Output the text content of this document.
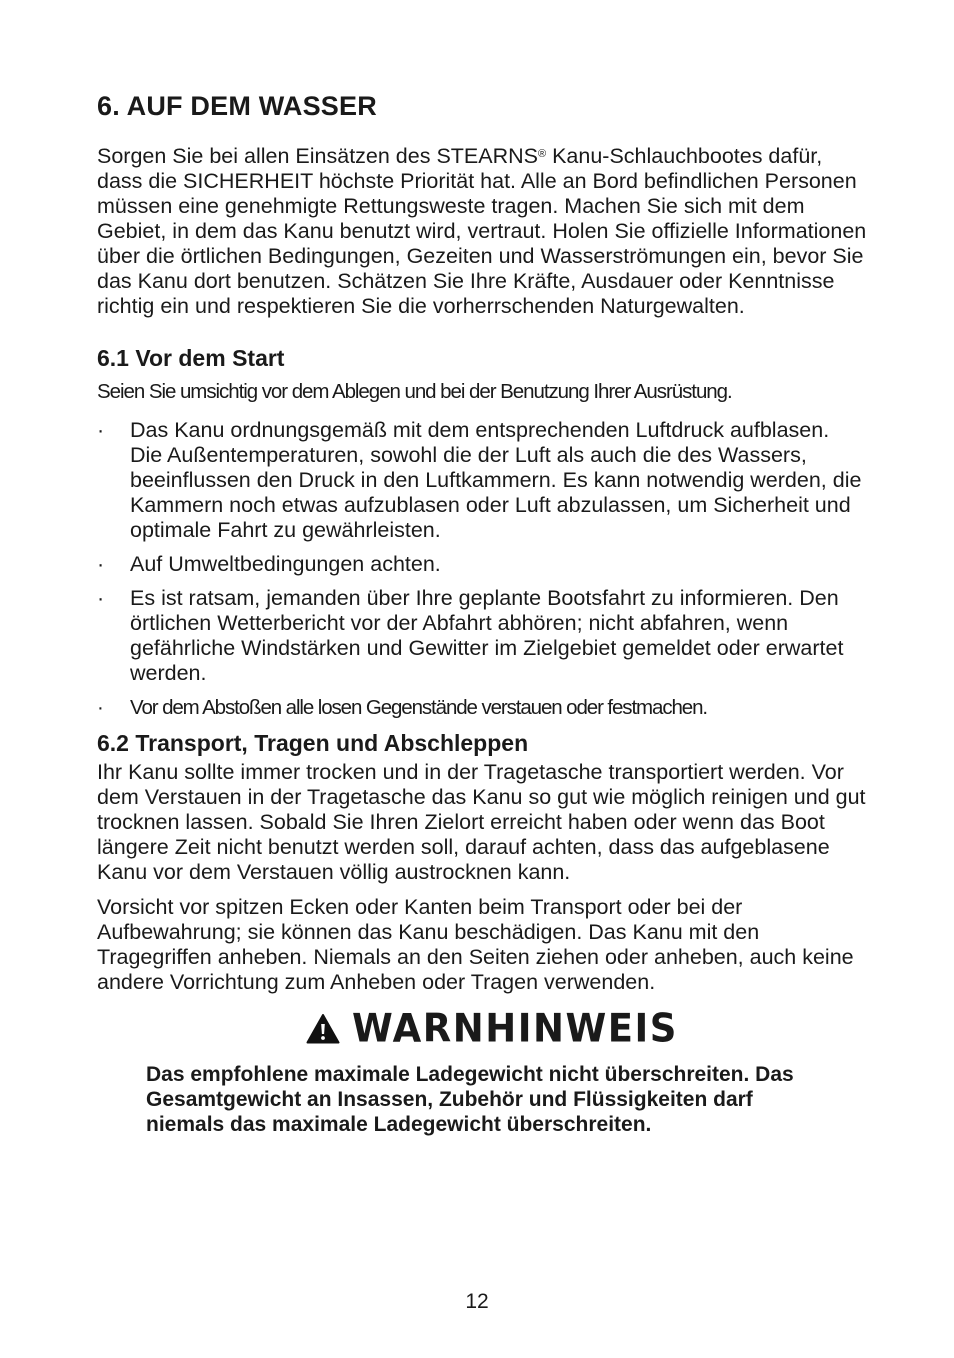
6. AUF DEM WASSER

Sorgen Sie bei allen Einsätzen des STEARNS® Kanu-Schlauchbootes dafür, dass die SICHERHEIT höchste Priorität hat. Alle an Bord befindlichen Personen müssen eine genehmigte Rettungsweste tragen. Machen Sie sich mit dem Gebiet, in dem das Kanu benutzt wird, vertraut. Holen Sie offizielle Informationen über die örtlichen Bedingungen, Gezeiten und Wasserströmungen ein, bevor Sie das Kanu dort benutzen. Schätzen Sie Ihre Kräfte, Ausdauer oder Kenntnisse richtig ein und respektieren Sie die vorherrschenden Naturgewalten.

6.1 Vor dem Start

Seien Sie umsichtig vor dem Ablegen und bei der Benutzung Ihrer Ausrüstung.

· Das Kanu ordnungsgemäß mit dem entsprechenden Luftdruck aufblasen. Die Außentemperaturen, sowohl die der Luft als auch die des Wassers, beeinflussen den Druck in den Luftkammern. Es kann notwendig werden, die Kammern noch etwas aufzublasen oder Luft abzulassen, um Sicherheit und optimale Fahrt zu gewährleisten.
· Auf Umweltbedingungen achten.
· Es ist ratsam, jemanden über Ihre geplante Bootsfahrt zu informieren. Den örtlichen Wetterbericht vor der Abfahrt abhören; nicht abfahren, wenn gefährliche Windstärken und Gewitter im Zielgebiet gemeldet oder erwartet werden.
· Vor dem Abstoßen alle losen Gegenstände verstauen oder festmachen.
6.2 Transport, Tragen und Abschleppen

Ihr Kanu sollte immer trocken und in der Tragetasche transportiert werden. Vor dem Verstauen in der Tragetasche das Kanu so gut wie möglich reinigen und gut trocknen lassen. Sobald Sie Ihren Zielort erreicht haben oder wenn das Boot längere Zeit nicht benutzt werden soll, darauf achten, dass das aufgeblasene Kanu vor dem Verstauen völlig austrocknen kann.

Vorsicht vor spitzen Ecken oder Kanten beim Transport oder bei der Aufbewahrung; sie können das Kanu beschädigen. Das Kanu mit den Tragegriffen anheben. Niemals an den Seiten ziehen oder anheben, auch keine andere Vorrichtung zum Anheben oder Tragen verwenden.

WARNHINWEIS

Das empfohlene maximale Ladegewicht nicht überschreiten. Das Gesamtgewicht an Insassen, Zubehör und Flüssigkeiten darf niemals das maximale Ladegewicht überschreiten.

12
